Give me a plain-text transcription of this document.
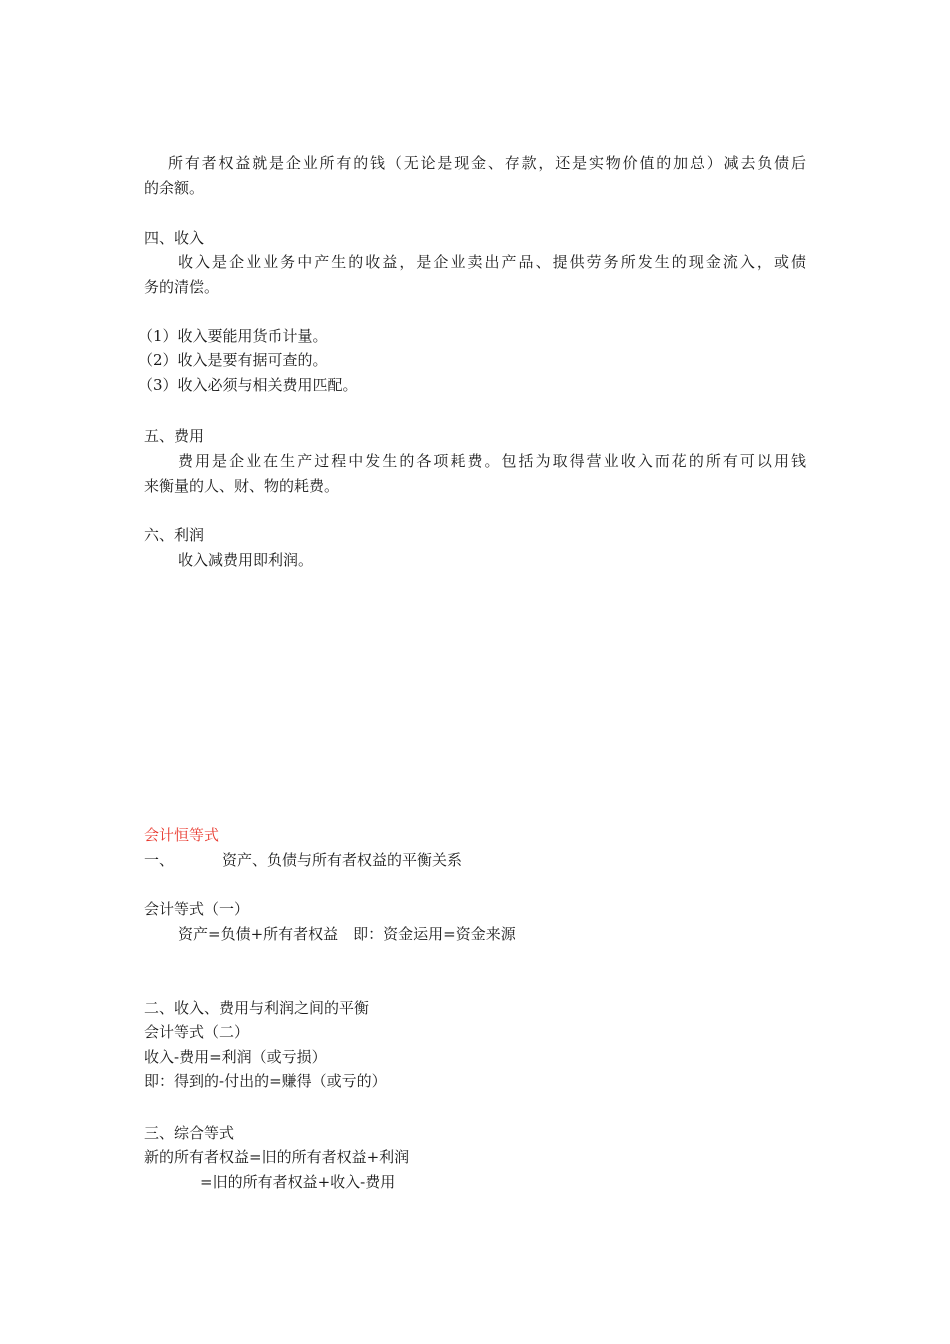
所有者权益就是企业所有的钱（无论是现金、存款，还是实物价值的加总）减去负债后
的余额。
四、收入
收入是企业业务中产生的收益，是企业卖出产品、提供劳务所发生的现金流入，或债
务的清偿。
（1）收入要能用货币计量。
（2）收入是要有据可查的。
（3）收入必须与相关费用匹配。
五、费用
费用是企业在生产过程中发生的各项耗费。包括为取得营业收入而花的所有可以用钱
来衡量的人、财、物的耗费。
六、利润
收入减费用即利润。
会计恒等式
一、	资产、负债与所有者权益的平衡关系
会计等式（一）
资产=负债+所有者权益　即：资金运用=资金来源
二、收入、费用与利润之间的平衡
会计等式（二）
收入-费用=利润（或亏损）
即：得到的-付出的=赚得（或亏的）
三、综合等式
新的所有者权益=旧的所有者权益+利润
=旧的所有者权益+收入-费用
